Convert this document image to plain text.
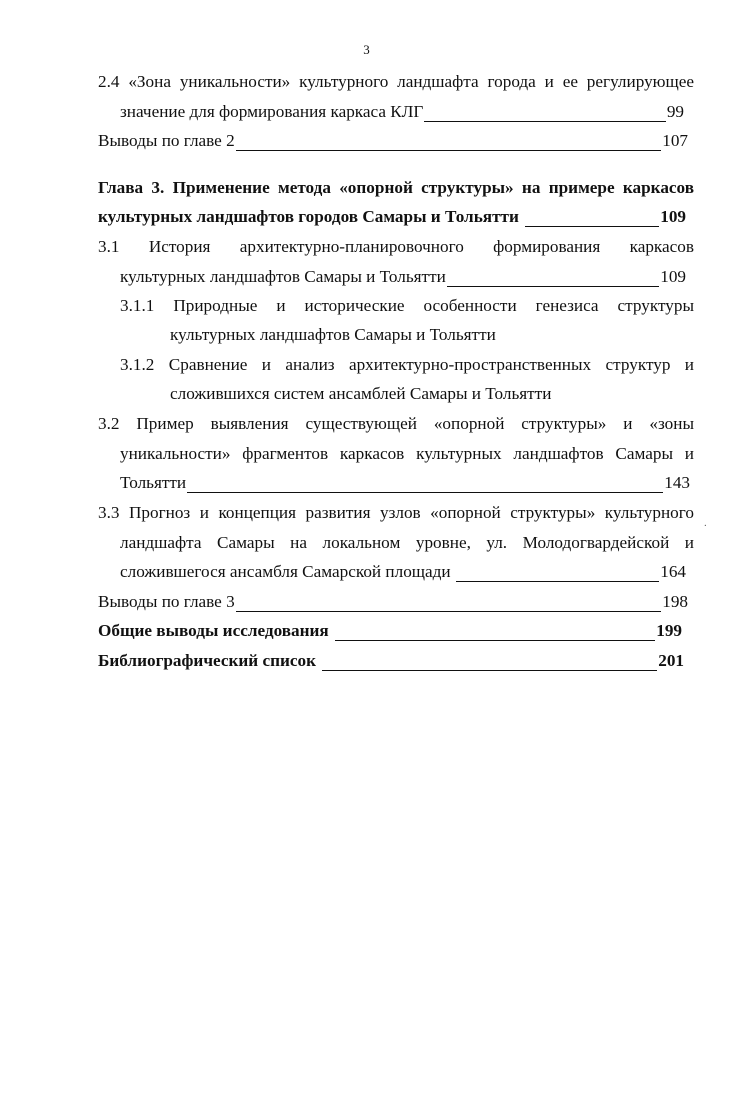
3
2.4 «Зона уникальности» культурного ландшафта города и ее регулирующее
значение для формирования каркаса КЛГ	99
Выводы по главе 2	107
Глава 3. Применение метода «опорной структуры» на примере каркасов
культурных ландшафтов городов Самары и Тольятти	109
3.1 История архитектурно-планировочного формирования каркасов
культурных ландшафтов Самары и Тольятти	109
3.1.1 Природные и исторические особенности генезиса структуры
культурных ландшафтов Самары и Тольятти
3.1.2 Сравнение и анализ архитектурно-пространственных структур и
сложившихся систем ансамблей Самары и Тольятти
3.2 Пример выявления существующей «опорной структуры» и «зоны
уникальности» фрагментов каркасов культурных ландшафтов Самары и
Тольятти	143
3.3 Прогноз и концепция развития узлов «опорной структуры» культурного
ландшафта Самары на локальном уровне, ул. Молодогвардейской и
сложившегося ансамбля Самарской площади	164
Выводы по главе 3	198
Общие выводы исследования	199
Библиографический список	201
.
